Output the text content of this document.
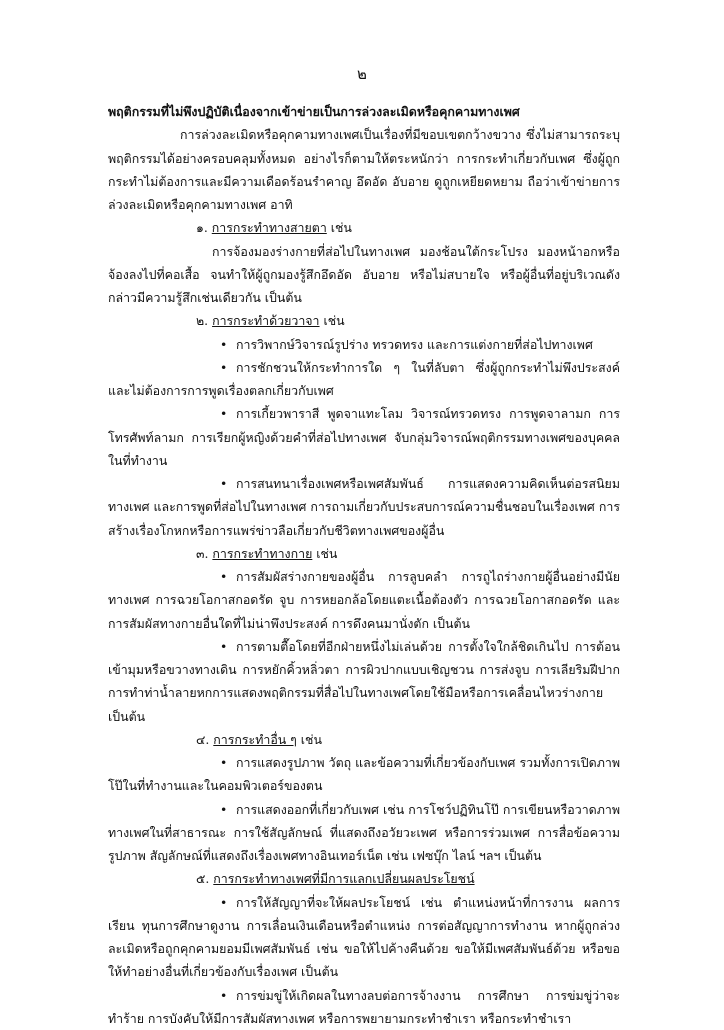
๒

พฤติกรรมที่ไม่พึงปฏิบัติเนื่องจากเข้าข่ายเป็นการล่วงละเมิดหรือคุกคามทางเพศ

การล่วงละเมิดหรือคุกคามทางเพศเป็นเรื่องที่มีขอบเขตกว้างขวาง ซึ่งไม่สามารถระบุพฤติกรรมได้อย่างครอบคลุมทั้งหมด อย่างไรก็ตามให้ตระหนักว่า การกระทำเกี่ยวกับเพศ ซึ่งผู้ถูกกระทำไม่ต้องการและมีความเดือดร้อนรำคาญ อึดอัด อับอาย ดูถูกเหยียดหยาม ถือว่าเข้าข่ายการล่วงละเมิดหรือคุกคามทางเพศ อาทิ

๑. การกระทำทางสายตา เช่น

การจ้องมองร่างกายที่ส่อไปในทางเพศ มองช้อนใต้กระโปรง มองหน้าอกหรือจ้องลงไปที่คอเสื้อ จนทำให้ผู้ถูกมองรู้สึกอึดอัด อับอาย หรือไม่สบายใจ หรือผู้อื่นที่อยู่บริเวณดังกล่าวมีความรู้สึกเช่นเดียวกัน เป็นต้น

๒. การกระทำด้วยวาจา เช่น

• การวิพากษ์วิจารณ์รูปร่าง ทรวดทรง และการแต่งกายที่ส่อไปทางเพศ

• การชักชวนให้กระทำการใด ๆ ในที่ลับตา ซึ่งผู้ถูกกระทำไม่พึงประสงค์และไม่ต้องการการพูดเรื่องตลกเกี่ยวกับเพศ

• การเกี้ยวพาราสี พูดจาแทะโลม วิจารณ์ทรวดทรง การพูดจาลามก การโทรศัพท์ลามก การเรียกผู้หญิงด้วยคำที่ส่อไปทางเพศ จับกลุ่มวิจารณ์พฤติกรรมทางเพศของบุคคลในที่ทำงาน

• การสนทนาเรื่องเพศหรือเพศสัมพันธ์ การแสดงความคิดเห็นต่อรสนิยมทางเพศ และการพูดที่ส่อไปในทางเพศ การถามเกี่ยวกับประสบการณ์ความชื่นชอบในเรื่องเพศ การสร้างเรื่องโกหกหรือการแพร่ข่าวลือเกี่ยวกับชีวิตทางเพศของผู้อื่น

๓. การกระทำทางกาย เช่น

• การสัมผัสร่างกายของผู้อื่น การลูบคลำ การถูไถร่างกายผู้อื่นอย่างมีนัยทางเพศ การฉวยโอกาสกอดรัด จูบ การหยอกล้อโดยแตะเนื้อต้องตัว การฉวยโอกาสกอดรัด และการสัมผัสทางกายอื่นใดที่ไม่น่าพึงประสงค์ การดึงคนมานั่งตัก เป็นต้น

• การตามตื๊อโดยที่อีกฝ่ายหนึ่งไม่เล่นด้วย การตั้งใจใกล้ชิดเกินไป การต้อนเข้ามุมหรือขวางทางเดิน การหยักคิ้วหลิ่วตา การผิวปากแบบเชิญชวน การส่งจูบ การเลียริมฝีปาก การทำท่าน้ำลายหกการแสดงพฤติกรรมที่สื่อไปในทางเพศโดยใช้มือหรือการเคลื่อนไหวร่างกาย เป็นต้น

๔. การกระทำอื่น ๆ เช่น

• การแสดงรูปภาพ วัตถุ และข้อความที่เกี่ยวข้องกับเพศ รวมทั้งการเปิดภาพโป๊ในที่ทำงานและในคอมพิวเตอร์ของตน

• การแสดงออกที่เกี่ยวกับเพศ เช่น การโชว์ปฏิทินโป๊ การเขียนหรือวาดภาพทางเพศในที่สาธารณะ การใช้สัญลักษณ์ ที่แสดงถึงอวัยวะเพศ หรือการร่วมเพศ การสื่อข้อความ รูปภาพ สัญลักษณ์ที่แสดงถึงเรื่องเพศทางอินเทอร์เน็ต เช่น เฟซบุ๊ก ไลน์ ฯลฯ เป็นต้น

๕. การกระทำทางเพศที่มีการแลกเปลี่ยนผลประโยชน์

• การให้สัญญาที่จะให้ผลประโยชน์ เช่น ตำแหน่งหน้าที่การงาน ผลการเรียน ทุนการศึกษาดูงาน การเลื่อนเงินเดือนหรือตำแหน่ง การต่อสัญญาการทำงาน หากผู้ถูกล่วงละเมิดหรือถูกคุกคามยอมมีเพศสัมพันธ์ เช่น ขอให้ไปค้างคืนด้วย ขอให้มีเพศสัมพันธ์ด้วย หรือขอให้ทำอย่างอื่นที่เกี่ยวข้องกับเรื่องเพศ เป็นต้น

• การข่มขู่ให้เกิดผลในทางลบต่อการจ้างงาน การศึกษา การข่มขู่ว่าจะทำร้าย การบังคับให้มีการสัมผัสทางเพศ หรือการพยายามกระทำชำเรา หรือกระทำชำเรา
